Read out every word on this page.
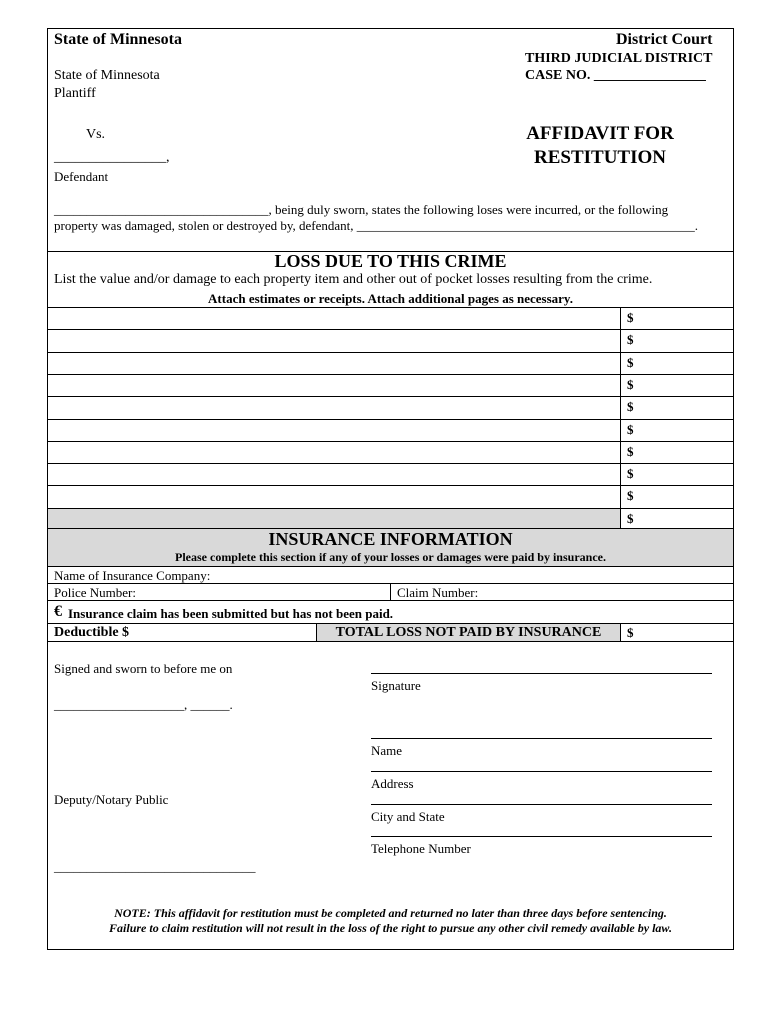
State of Minnesota	District Court
THIRD JUDICIAL DISTRICT
CASE NO. ________________
State of Minnesota
Plantiff
Vs.
________________,
Defendant
AFFIDAVIT FOR
RESTITUTION
_________________________________, being duly sworn, states the following loses were incurred, or the following
property was damaged, stolen or destroyed by, defendant, ____________________________________________________.
LOSS DUE TO THIS CRIME
List the value and/or damage to each property item and other out of pocket losses resulting from the crime.
Attach estimates or receipts. Attach additional pages as necessary.
$
$
$
$
$
$
$
$
$
$
INSURANCE INFORMATION
Please complete this section if any of your losses or damages were paid by insurance.
Name of Insurance Company:
Police Number:	Claim Number:
€ Insurance claim has been submitted but has not been paid.
Deductible $	TOTAL LOSS NOT PAID BY INSURANCE	$
Signed and sworn to before me on
____________________, ______.
Deputy/Notary Public
_______________________________
Signature
Name
Address
City and State
Telephone Number
NOTE: This affidavit for restitution must be completed and returned no later than three days before sentencing.
Failure to claim restitution will not result in the loss of the right to pursue any other civil remedy available by law.
